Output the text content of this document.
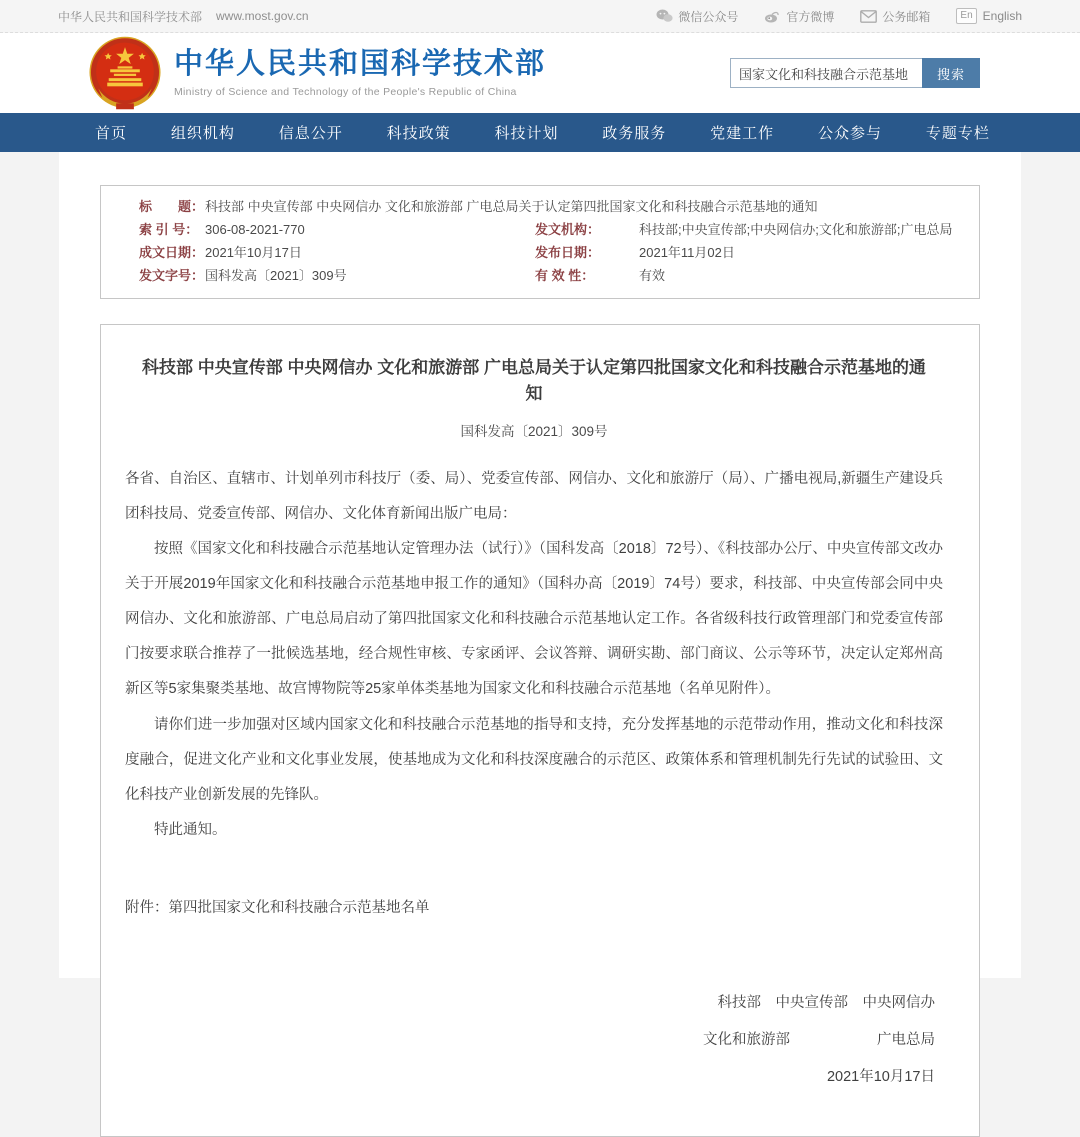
中华人民共和国科学技术部 www.most.gov.cn	微信公众号	官方微博	公务邮箱	En English
中华人民共和国科学技术部
Ministry of Science and Technology of the People's Republic of China
国家文化和科技融合示范基地
搜索
首页	组织机构	信息公开	科技政策	科技计划	政务服务	党建工作	公众参与	专题专栏
标　　题：	科技部 中央宣传部 中央网信办 文化和旅游部 广电总局关于认定第四批国家文化和科技融合示范基地的通知		
索 引 号：	306-08-2021-770	发文机构：	科技部;中央宣传部;中央网信办;文化和旅游部;广电总局
成文日期：	2021年10月17日	发布日期：	2021年11月02日
发文字号：	国科发高〔2021〕309号	有 效 性：	有效
科技部 中央宣传部 中央网信办 文化和旅游部 广电总局关于认定第四批国家文化和科技融合示范基地的通知
国科发高〔2021〕309号

各省、自治区、直辖市、计划单列市科技厅（委、局）、党委宣传部、网信办、文化和旅游厅（局）、广播电视局,新疆生产建设兵团科技局、党委宣传部、网信办、文化体育新闻出版广电局：

按照《国家文化和科技融合示范基地认定管理办法（试行）》（国科发高〔2018〕72号）、《科技部办公厅、中央宣传部文改办关于开展2019年国家文化和科技融合示范基地申报工作的通知》（国科办高〔2019〕74号）要求，科技部、中央宣传部会同中央网信办、文化和旅游部、广电总局启动了第四批国家文化和科技融合示范基地认定工作。各省级科技行政管理部门和党委宣传部门按要求联合推荐了一批候选基地，经合规性审核、专家函评、会议答辩、调研实勘、部门商议、公示等环节，决定认定郑州高新区等5家集聚类基地、故宫博物院等25家单体类基地为国家文化和科技融合示范基地（名单见附件）。

请你们进一步加强对区域内国家文化和科技融合示范基地的指导和支持，充分发挥基地的示范带动作用，推动文化和科技深度融合，促进文化产业和文化事业发展，使基地成为文化和科技深度融合的示范区、政策体系和管理机制先行先试的试验田、文化科技产业创新发展的先锋队。

特此通知。

附件：第四批国家文化和科技融合示范基地名单
科技部　中央宣传部　中央网信办
文化和旅游部　　　　　　广电总局
2021年10月17日
